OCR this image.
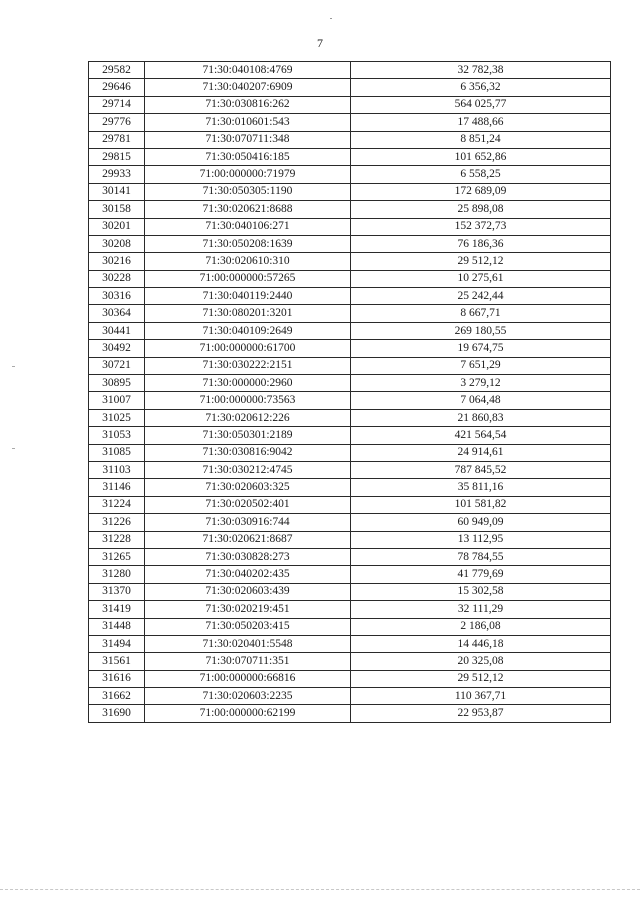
7
29582	71:30:040108:4769	32 782,38
29646	71:30:040207:6909	6 356,32
29714	71:30:030816:262	564 025,77
29776	71:30:010601:543	17 488,66
29781	71:30:070711:348	8 851,24
29815	71:30:050416:185	101 652,86
29933	71:00:000000:71979	6 558,25
30141	71:30:050305:1190	172 689,09
30158	71:30:020621:8688	25 898,08
30201	71:30:040106:271	152 372,73
30208	71:30:050208:1639	76 186,36
30216	71:30:020610:310	29 512,12
30228	71:00:000000:57265	10 275,61
30316	71:30:040119:2440	25 242,44
30364	71:30:080201:3201	8 667,71
30441	71:30:040109:2649	269 180,55
30492	71:00:000000:61700	19 674,75
30721	71:30:030222:2151	7 651,29
30895	71:30:000000:2960	3 279,12
31007	71:00:000000:73563	7 064,48
31025	71:30:020612:226	21 860,83
31053	71:30:050301:2189	421 564,54
31085	71:30:030816:9042	24 914,61
31103	71:30:030212:4745	787 845,52
31146	71:30:020603:325	35 811,16
31224	71:30:020502:401	101 581,82
31226	71:30:030916:744	60 949,09
31228	71:30:020621:8687	13 112,95
31265	71:30:030828:273	78 784,55
31280	71:30:040202:435	41 779,69
31370	71:30:020603:439	15 302,58
31419	71:30:020219:451	32 111,29
31448	71:30:050203:415	2 186,08
31494	71:30:020401:5548	14 446,18
31561	71:30:070711:351	20 325,08
31616	71:00:000000:66816	29 512,12
31662	71:30:020603:2235	110 367,71
31690	71:00:000000:62199	22 953,87
